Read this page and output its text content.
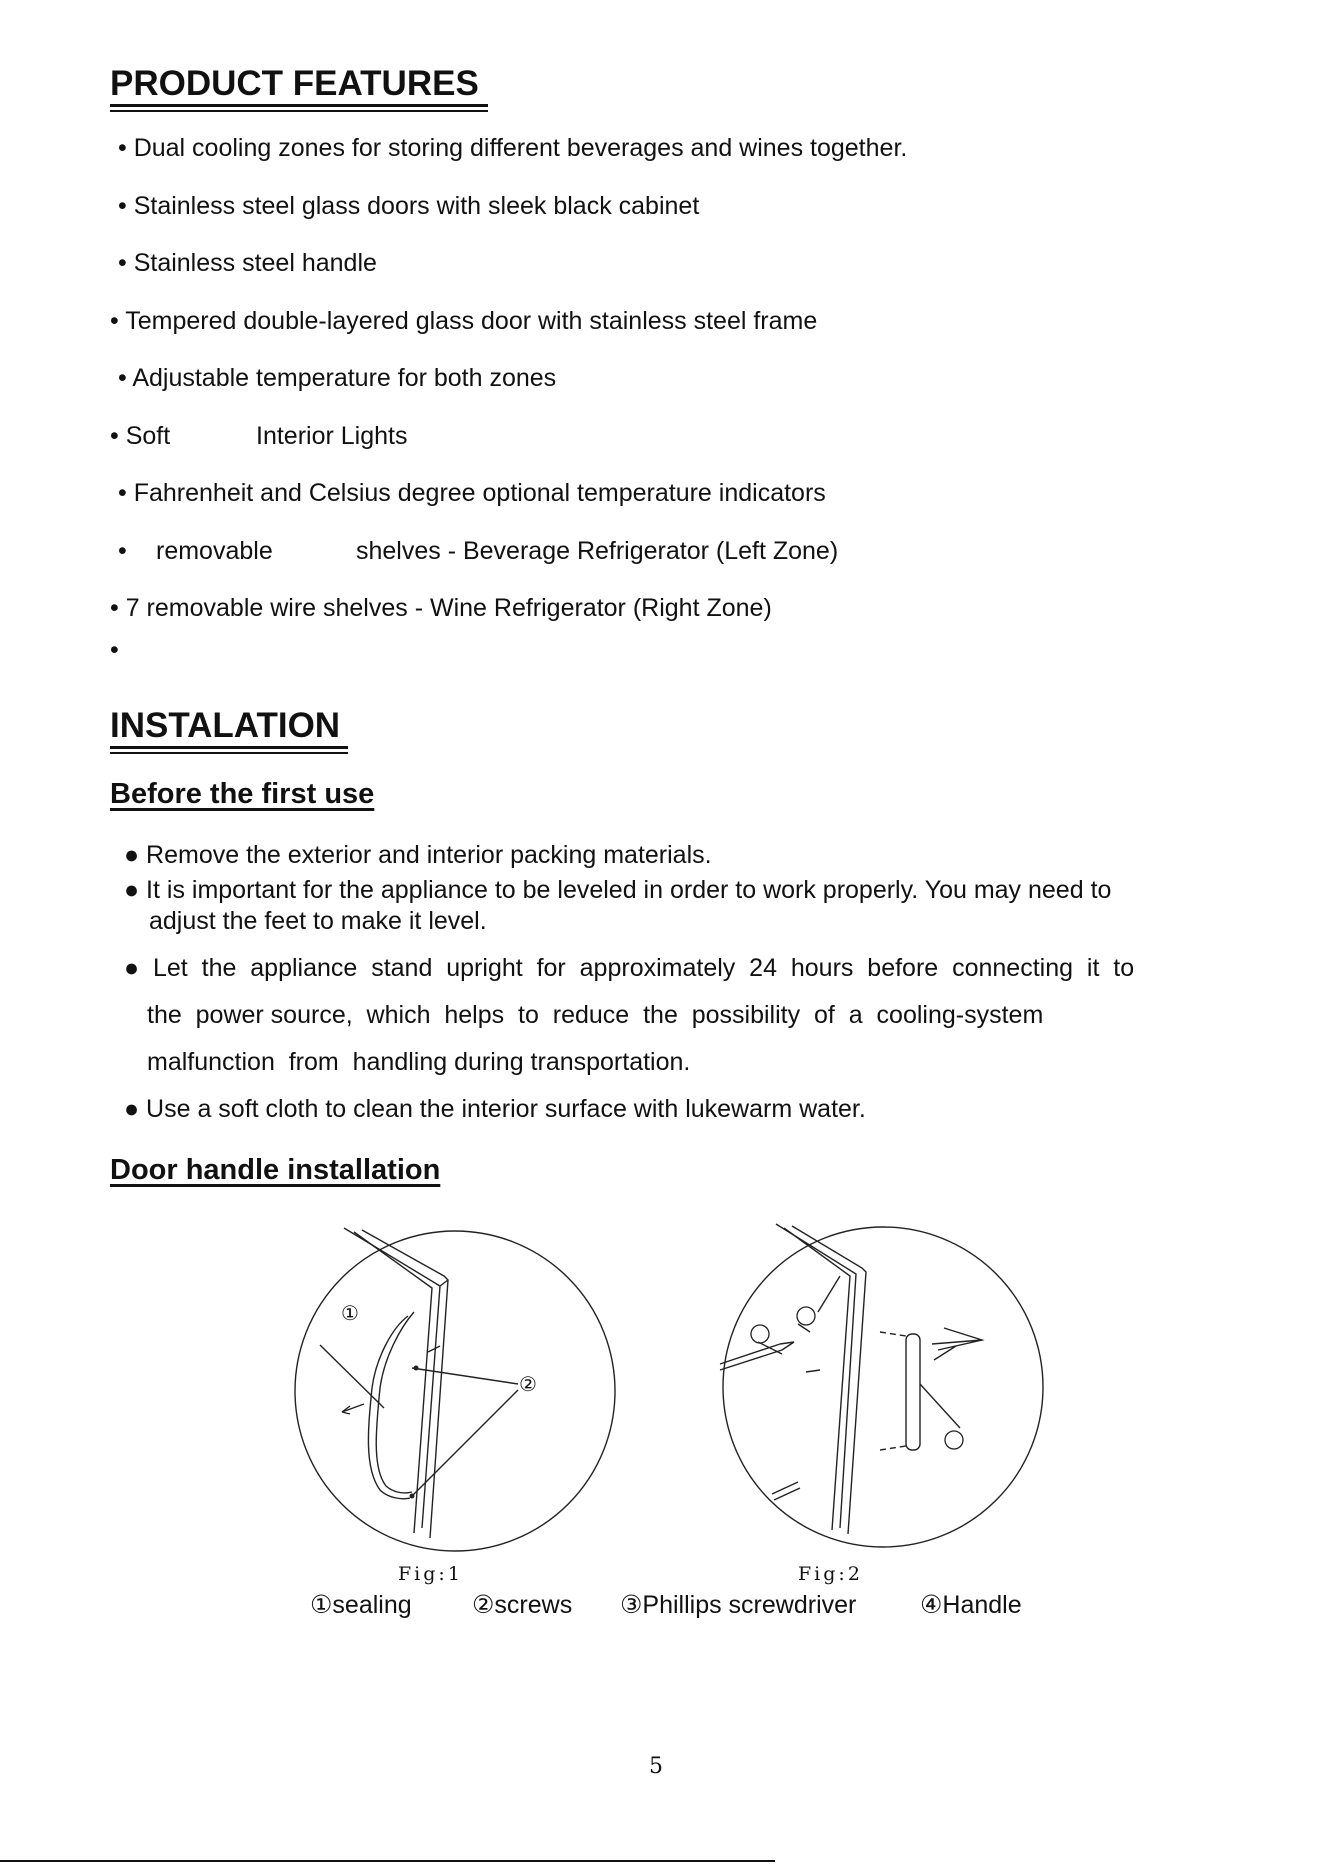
PRODUCT FEATURES
• Dual cooling zones for storing different beverages and wines together.
• Stainless steel glass doors with sleek black cabinet
• Stainless steel handle
• Tempered double-layered glass door with stainless steel frame
• Adjustable temperature for both zones
• Soft	Interior Lights
• Fahrenheit and Celsius degree optional temperature indicators
• removable	shelves - Beverage Refrigerator (Left Zone)
• 7 removable wire shelves - Wine Refrigerator (Right Zone)
•
INSTALATION
Before the first use
● Remove the exterior and interior packing materials.
● It is important for the appliance to be leveled in order to work properly. You may need to
adjust the feet to make it level.
●  Let  the  appliance  stand  upright  for  approximately  24  hours  before  connecting  it  to
the  power source,  which  helps  to  reduce  the  possibility  of  a  cooling-system
malfunction  from  handling during transportation.
● Use a soft cloth to clean the interior surface with lukewarm water.
Door handle installation
①
②
Fig:1	Fig:2
①sealing ②screws ③Phillips screwdriver	④Handle
5
